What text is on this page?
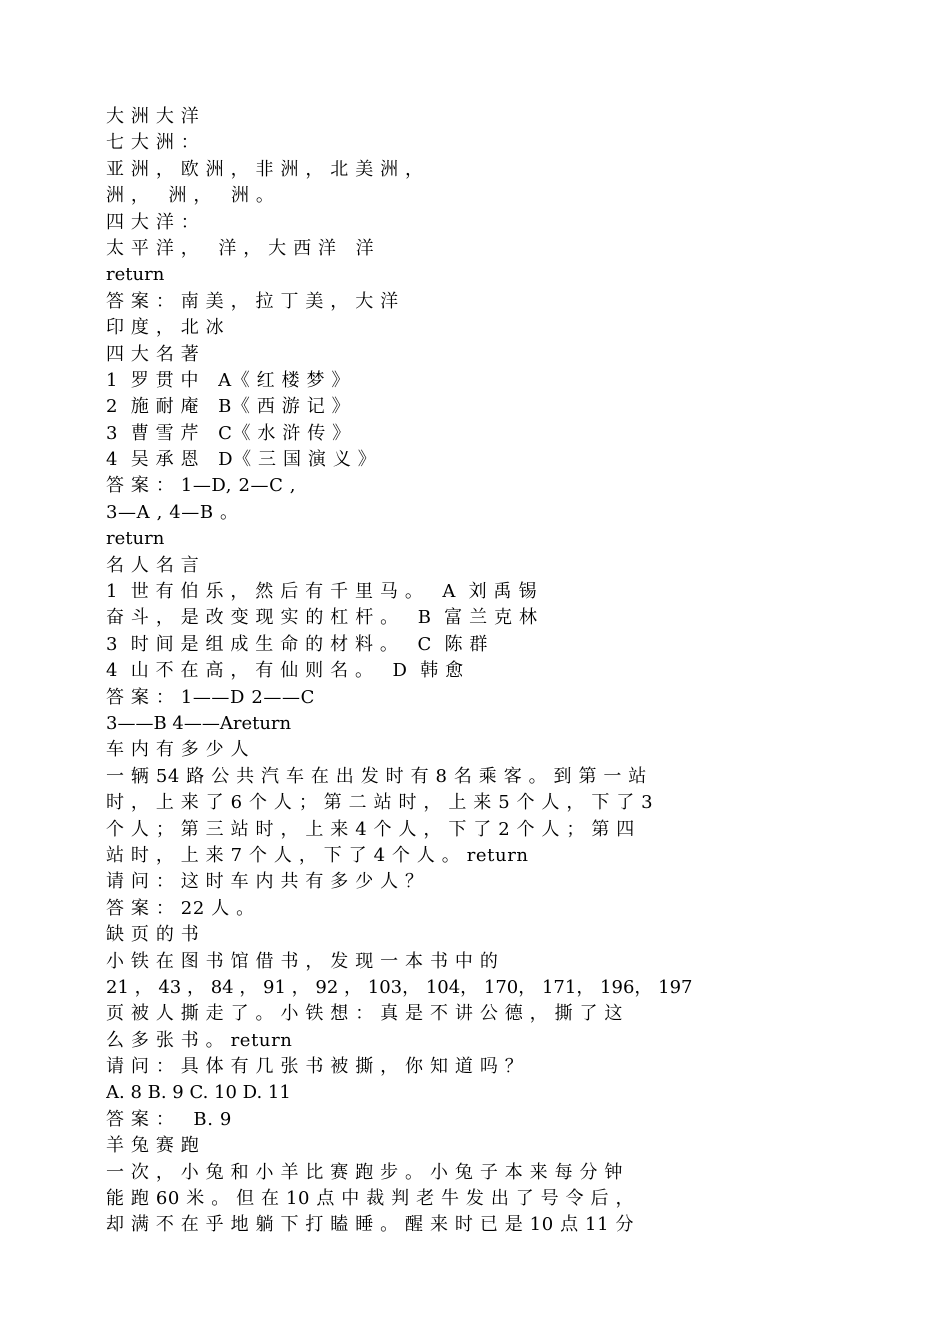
大 洲 大 洋
七 大 洲 ：
亚 洲 ， 欧 洲 ， 非 洲 ， 北 美 洲 ，
洲 ，   洲 ，   洲 。
四 大 洋 ：
太 平 洋 ，   洋 ， 大 西 洋   洋
return
答 案 ： 南 美 ， 拉 丁 美 ， 大 洋
印 度 ， 北 冰
四 大 名 著
1  罗 贯 中   A《 红 楼 梦 》
2  施 耐 庵   B《 西 游 记 》
3  曹 雪 芹   C《 水 浒 传 》
4  吴 承 恩   D《 三 国 演 义 》
答 案 ： 1—D, 2—C ,
3—A , 4—B 。
return
名 人 名 言
1  世 有 伯 乐 ， 然 后 有 千 里 马 。   A  刘 禹 锡
奋 斗 ， 是 改 变 现 实 的 杠 杆 。   B  富 兰 克 林
3  时 间 是 组 成 生 命 的 材 料 。   C  陈 群
4  山 不 在 高 ， 有 仙 则 名 。   D  韩 愈
答 案 ： 1——D 2——C
3——B 4——Areturn
车 内 有 多 少 人
一 辆 54 路 公 共 汽 车 在 出 发 时 有 8 名 乘 客 。 到 第 一 站
时 ， 上 来 了 6 个 人 ； 第 二 站 时 ， 上 来 5 个 人 ， 下 了 3
个 人 ； 第 三 站 时 ， 上 来 4 个 人 ， 下 了 2 个 人 ； 第 四
站 时 ， 上 来 7 个 人 ， 下 了 4 个 人 。 return
请 问 ： 这 时 车 内 共 有 多 少 人 ？
答 案 ： 22 人 。
缺 页 的 书
小 铁 在 图 书 馆 借 书 ， 发 现 一 本 书 中 的
21 ， 43 ， 84 ， 91 ， 92 ， 103， 104， 170， 171， 196， 197
页 被 人 撕 走 了 。 小 铁 想 ： 真 是 不 讲 公 德 ， 撕 了 这
么 多 张 书 。 return
请 问 ： 具 体 有 几 张 书 被 撕 ， 你 知 道 吗 ？
A. 8 B. 9 C. 10 D. 11
答 案 ：   B. 9
羊 兔 赛 跑
一 次 ， 小 兔 和 小 羊 比 赛 跑 步 。 小 兔 子 本 来 每 分 钟
能 跑 60 米 。 但 在 10 点 中 裁 判 老 牛 发 出 了 号 令 后 ，
却 满 不 在 乎 地 躺 下 打 瞌 睡 。 醒 来 时 已 是 10 点 11 分
